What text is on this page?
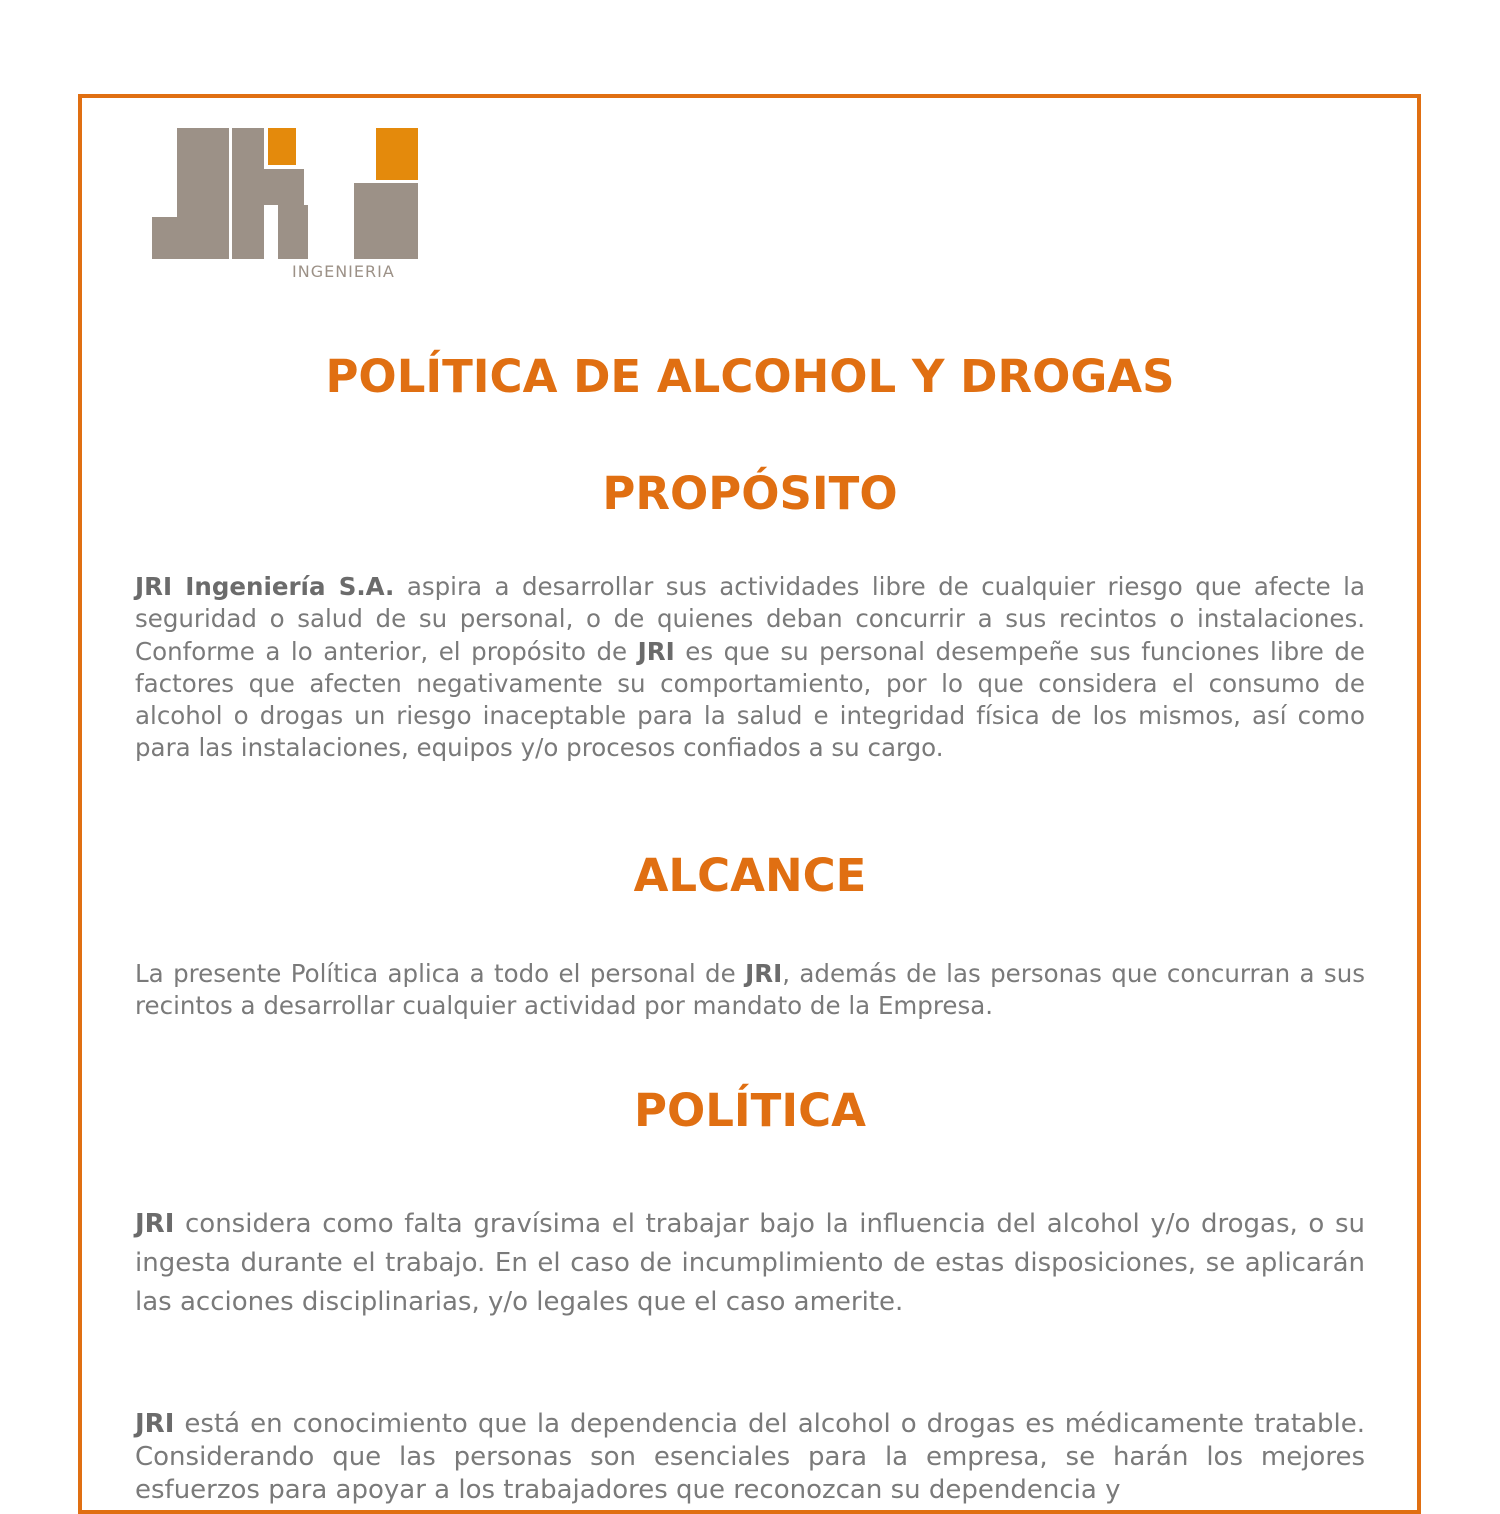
INGENIERIA
POLÍTICA DE ALCOHOL Y DROGAS
PROPÓSITO

JRI Ingeniería S.A. aspira a desarrollar sus actividades libre de cualquier riesgo que afecte la seguridad o salud de su personal, o de quienes deban concurrir a sus recintos o instalaciones. Conforme a lo anterior, el propósito de JRI es que su personal desempeñe sus funciones libre de factores que afecten negativamente su comportamiento, por lo que considera el consumo de alcohol o drogas un riesgo inaceptable para la salud e integridad física de los mismos, así como para las instalaciones, equipos y/o procesos confiados a su cargo.

ALCANCE

La presente Política aplica a todo el personal de JRI, además de las personas que concurran a sus recintos a desarrollar cualquier actividad por mandato de la Empresa.

POLÍTICA

JRI considera como falta gravísima el trabajar bajo la influencia del alcohol y/o drogas, o su ingesta durante el trabajo. En el caso de incumplimiento de estas disposiciones, se aplicarán las acciones disciplinarias, y/o legales que el caso amerite.

JRI está en conocimiento que la dependencia del alcohol o drogas es médicamente tratable. Considerando que las personas son esenciales para la empresa, se harán los mejores esfuerzos para apoyar a los trabajadores que reconozcan su dependencia y
